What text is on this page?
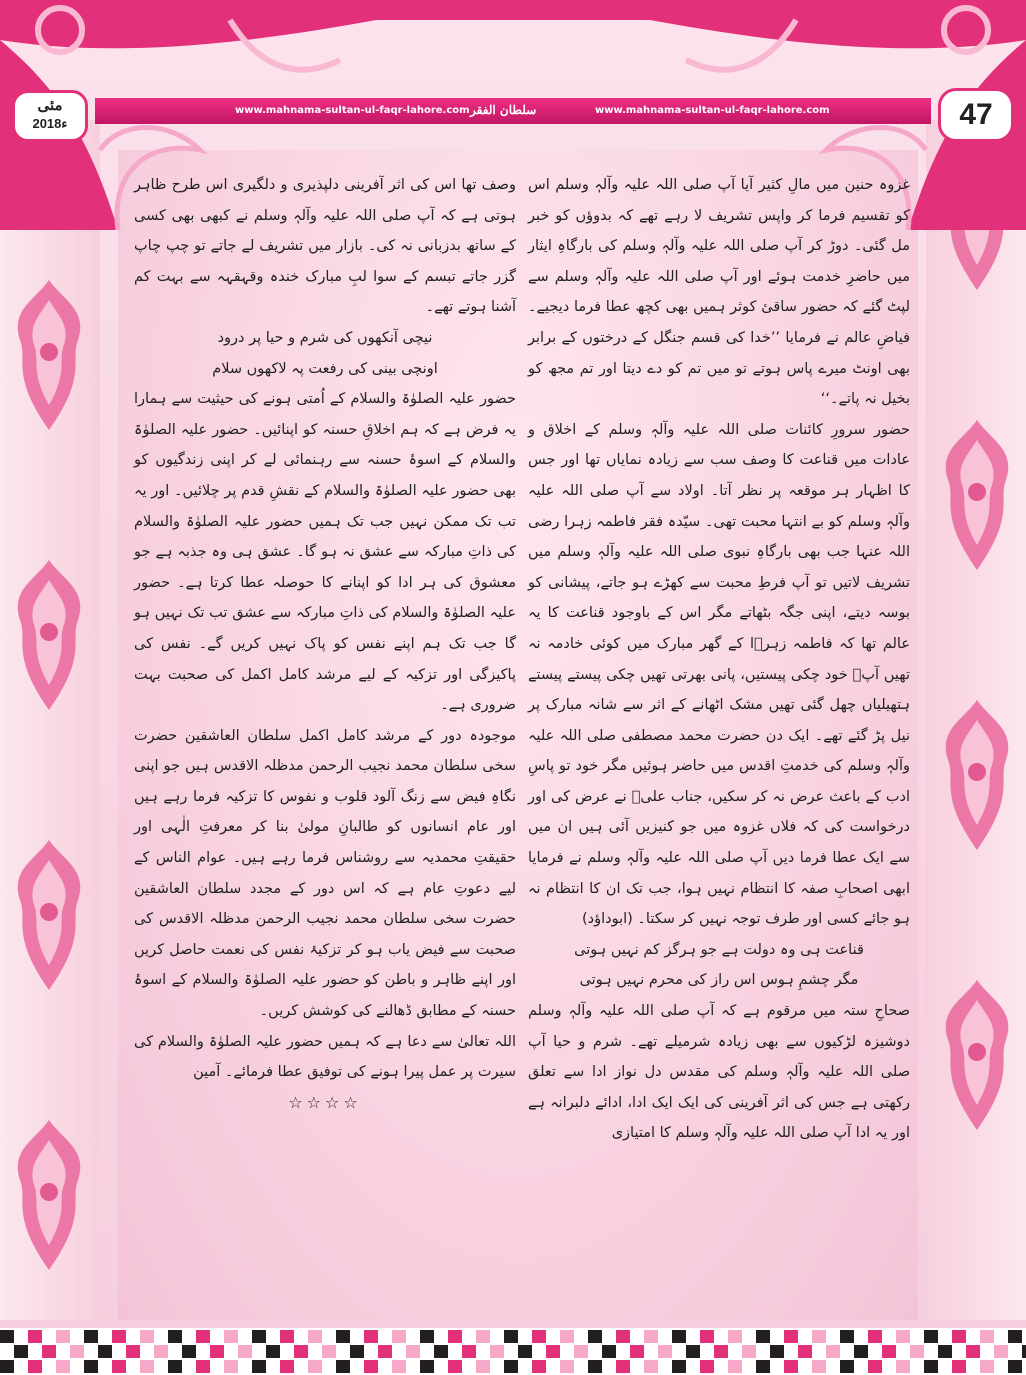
www.mahnama-sultan-ul-faqr-lahore.com سلطان الفقر	www.mahnama-sultan-ul-faqr-lahore.com	47
مئی
2018ء

غزوہ حنین میں مالِ کثیر آیا آپ صلی اللہ علیہ وآلہٖ وسلم اس کو تقسیم فرما کر واپس تشریف لا رہے تھے کہ بدوؤں کو خبر مل گئی۔ دوڑ کر آپ صلی اللہ علیہ وآلہٖ وسلم کی بارگاہِ ایثار میں حاضرِ خدمت ہوئے اور آپ صلی اللہ علیہ وآلہٖ وسلم سے لپٹ گئے کہ حضور ساقیٔ کوثر ہمیں بھی کچھ عطا فرما دیجیے۔ فیاضِ عالم نے فرمایا ’’خدا کی قسم جنگل کے درختوں کے برابر بھی اونٹ میرے پاس ہوتے تو میں تم کو دے دیتا اور تم مجھ کو بخیل نہ پاتے۔‘‘

حضور سرورِ کائنات صلی اللہ علیہ وآلہٖ وسلم کے اخلاق و عادات میں قناعت کا وصف سب سے زیادہ نمایاں تھا اور جس کا اظہار ہر موقعہ پر نظر آتا۔ اولاد سے آپ صلی اللہ علیہ وآلہٖ وسلم کو بے انتہا محبت تھی۔ سیّدہ فقر فاطمہ زہرا رضی اللہ عنہا جب بھی بارگاہِ نبوی صلی اللہ علیہ وآلہٖ وسلم میں تشریف لاتیں تو آپ فرطِ محبت سے کھڑے ہو جاتے، پیشانی کو بوسہ دیتے، اپنی جگہ بٹھاتے مگر اس کے باوجود قناعت کا یہ عالم تھا کہ فاطمہ زہرؓا کے گھر مبارک میں کوئی خادمہ نہ تھیں آپؓ خود چکی پیستیں، پانی بھرتی تھیں چکی پیستے پیستے ہتھیلیاں چھل گئی تھیں مشک اٹھانے کے اثر سے شانہ مبارک پر نیل پڑ گئے تھے۔ ایک دن حضرت محمد مصطفی صلی اللہ علیہ وآلہٖ وسلم کی خدمتِ اقدس میں حاضر ہوئیں مگر خود تو پاسِ ادب کے باعث عرض نہ کر سکیں، جناب علیؓ نے عرض کی اور درخواست کی کہ فلاں غزوہ میں جو کنیزیں آئی ہیں ان میں سے ایک عطا فرما دیں آپ صلی اللہ علیہ وآلہٖ وسلم نے فرمایا ابھی اصحابِ صفہ کا انتظام نہیں ہوا، جب تک ان کا انتظام نہ ہو جائے کسی اور طرف توجہ نہیں کر سکتا۔ (ابوداؤد)

قناعت ہی وہ دولت ہے جو ہرگز کم نہیں ہوتی

مگر چشمِ ہوس اس راز کی محرم نہیں ہوتی

صحاحِ ستہ میں مرقوم ہے کہ آپ صلی اللہ علیہ وآلہٖ وسلم دوشیزہ لڑکیوں سے بھی زیادہ شرمیلے تھے۔ شرم و حیا آپ صلی اللہ علیہ وآلہٖ وسلم کی مقدس دل نواز ادا سے تعلق رکھتی ہے جس کی اثر آفرینی کی ایک ایک ادا، ادائے دلبرانہ ہے اور یہ ادا آپ صلی اللہ علیہ وآلہٖ وسلم کا امتیازی

وصف تھا اس کی اثر آفرینی دلپذیری و دلگیری اس طرح ظاہر ہوتی ہے کہ آپ صلی اللہ علیہ وآلہٖ وسلم نے کبھی بھی کسی کے ساتھ بدزبانی نہ کی۔ بازار میں تشریف لے جاتے تو چپ چاپ گزر جاتے تبسم کے سوا لبِ مبارک خندہ وقہقہہ سے بہت کم آشنا ہوتے تھے۔

نیچی آنکھوں کی شرم و حیا پر درود

اونچی بینی کی رفعت پہ لاکھوں سلام

حضور علیہ الصلوٰۃ والسلام کے اُمتی ہونے کی حیثیت سے ہمارا یہ فرض ہے کہ ہم اخلاقِ حسنہ کو اپنائیں۔ حضور علیہ الصلوٰۃ والسلام کے اسوۂ حسنہ سے رہنمائی لے کر اپنی زندگیوں کو بھی حضور علیہ الصلوٰۃ والسلام کے نقشِ قدم پر چلائیں۔ اور یہ تب تک ممکن نہیں جب تک ہمیں حضور علیہ الصلوٰۃ والسلام کی ذاتِ مبارکہ سے عشق نہ ہو گا۔ عشق ہی وہ جذبہ ہے جو معشوق کی ہر ادا کو اپنانے کا حوصلہ عطا کرتا ہے۔ حضور علیہ الصلوٰۃ والسلام کی ذاتِ مبارکہ سے عشق تب تک نہیں ہو گا جب تک ہم اپنے نفس کو پاک نہیں کریں گے۔ نفس کی پاکیزگی اور تزکیہ کے لیے مرشد کامل اکمل کی صحبت بہت ضروری ہے۔

موجودہ دور کے مرشد کامل اکمل سلطان العاشقین حضرت سخی سلطان محمد نجیب الرحمن مدظلہ الاقدس ہیں جو اپنی نگاہِ فیض سے زنگ آلود قلوب و نفوس کا تزکیہ فرما رہے ہیں اور عام انسانوں کو طالبانِ مولیٰ بنا کر معرفتِ الٰہی اور حقیقتِ محمدیہ سے روشناس فرما رہے ہیں۔ عوام الناس کے لیے دعوتِ عام ہے کہ اس دور کے مجدد سلطان العاشقین حضرت سخی سلطان محمد نجیب الرحمن مدظلہ الاقدس کی صحبت سے فیض یاب ہو کر تزکیۂ نفس کی نعمت حاصل کریں اور اپنے ظاہر و باطن کو حضور علیہ الصلوٰۃ والسلام کے اسوۂ حسنہ کے مطابق ڈھالنے کی کوشش کریں۔

اللہ تعالیٰ سے دعا ہے کہ ہمیں حضور علیہ الصلوٰۃ والسلام کی سیرت پر عمل پیرا ہونے کی توفیق عطا فرمائے۔ آمین

☆☆☆☆
